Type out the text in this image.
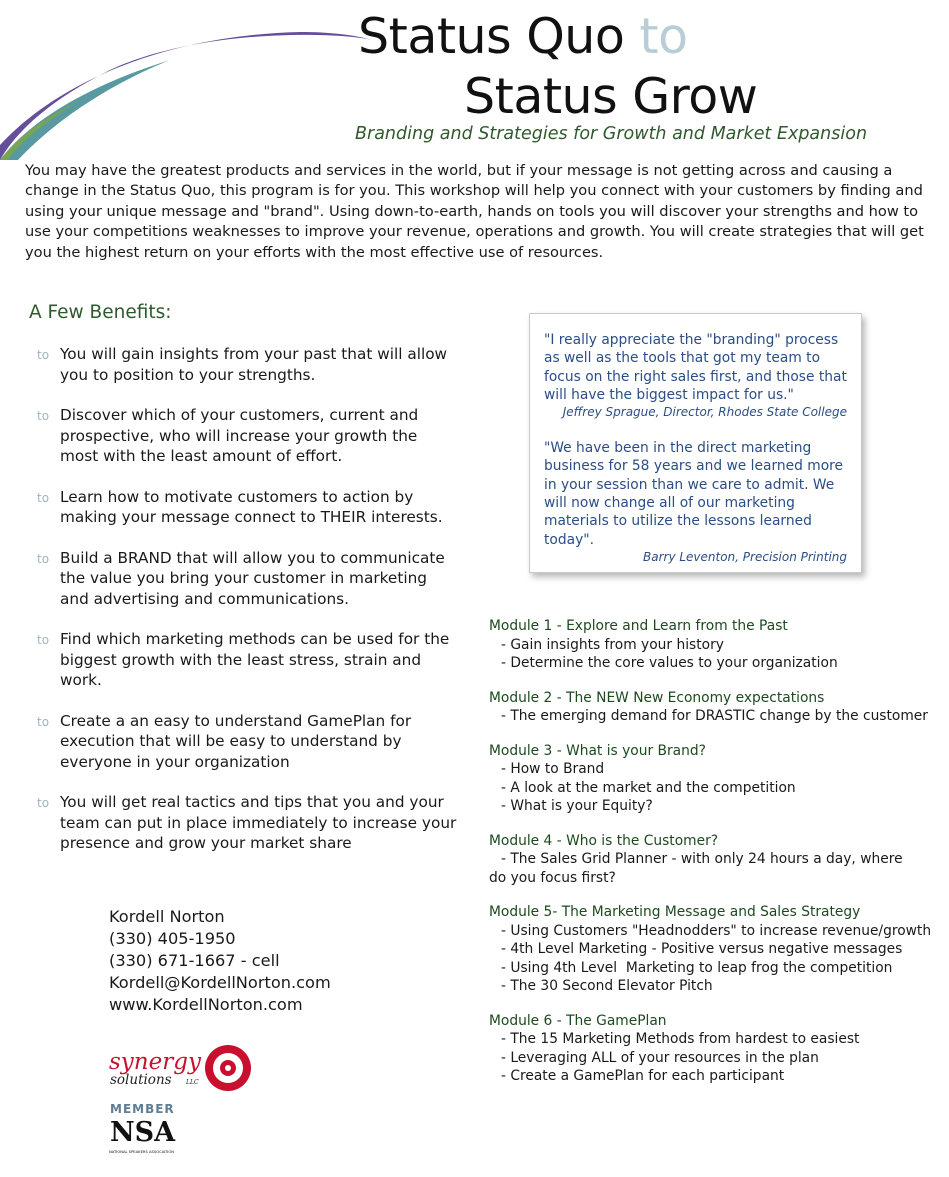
Status Quo to
Status Grow
Branding and Strategies for Growth and Market Expansion
You may have the greatest products and services in the world, but if your message is not getting across and causing a change in the Status Quo, this program is for you. This workshop will help you connect with your customers by finding and using your unique message and "brand". Using down-to-earth, hands on tools you will discover your strengths and how to use your competitions weaknesses to improve your revenue, operations and growth. You will create strategies that will get you the highest return on your efforts with the most effective use of resources.
A Few Benefits:
to You will gain insights from your past that will allow you to position to your strengths.
to Discover which of your customers, current and prospective, who will increase your growth the most with the least amount of effort.
to Learn how to motivate customers to action by making your message connect to THEIR interests.
to Build a BRAND that will allow you to communicate the value you bring your customer in marketing and advertising and communications.
to Find which marketing methods can be used for the biggest growth with the least stress, strain and work.
to Create a an easy to understand GamePlan for execution that will be easy to understand by everyone in your organization
to You will get real tactics and tips that you and your team can put in place immediately to increase your presence and grow your market share
"I really appreciate the "branding" process as well as the tools that got my team to focus on the right sales first, and those that will have the biggest impact for us."
Jeffrey Sprague, Director, Rhodes State College
"We have been in the direct marketing business for 58 years and we learned more in your session than we care to admit. We will now change all of our marketing materials to utilize the lessons learned today".
Barry Leventon, Precision Printing
Module 1 - Explore and Learn from the Past
- Gain insights from your history
- Determine the core values to your organization
Module 2 - The NEW New Economy expectations
- The emerging demand for DRASTIC change by the customer
Module 3 - What is your Brand?
- How to Brand
- A look at the market and the competition
- What is your Equity?
Module 4 - Who is the Customer?
- The Sales Grid Planner - with only 24 hours a day, where
do you focus first?
Module 5- The Marketing Message and Sales Strategy
- Using Customers "Headnodders" to increase revenue/growth
- 4th Level Marketing - Positive versus negative messages
- Using 4th Level  Marketing to leap frog the competition
- The 30 Second Elevator Pitch
Module 6 - The GamePlan
- The 15 Marketing Methods from hardest to easiest
- Leveraging ALL of your resources in the plan
- Create a GamePlan for each participant
Kordell Norton
(330) 405-1950
(330) 671-1667 - cell
Kordell@KordellNorton.com
www.KordellNorton.com
synergy
solutions LLC
MEMBER
NSA
NATIONAL SPEAKERS ASSOCIATION
